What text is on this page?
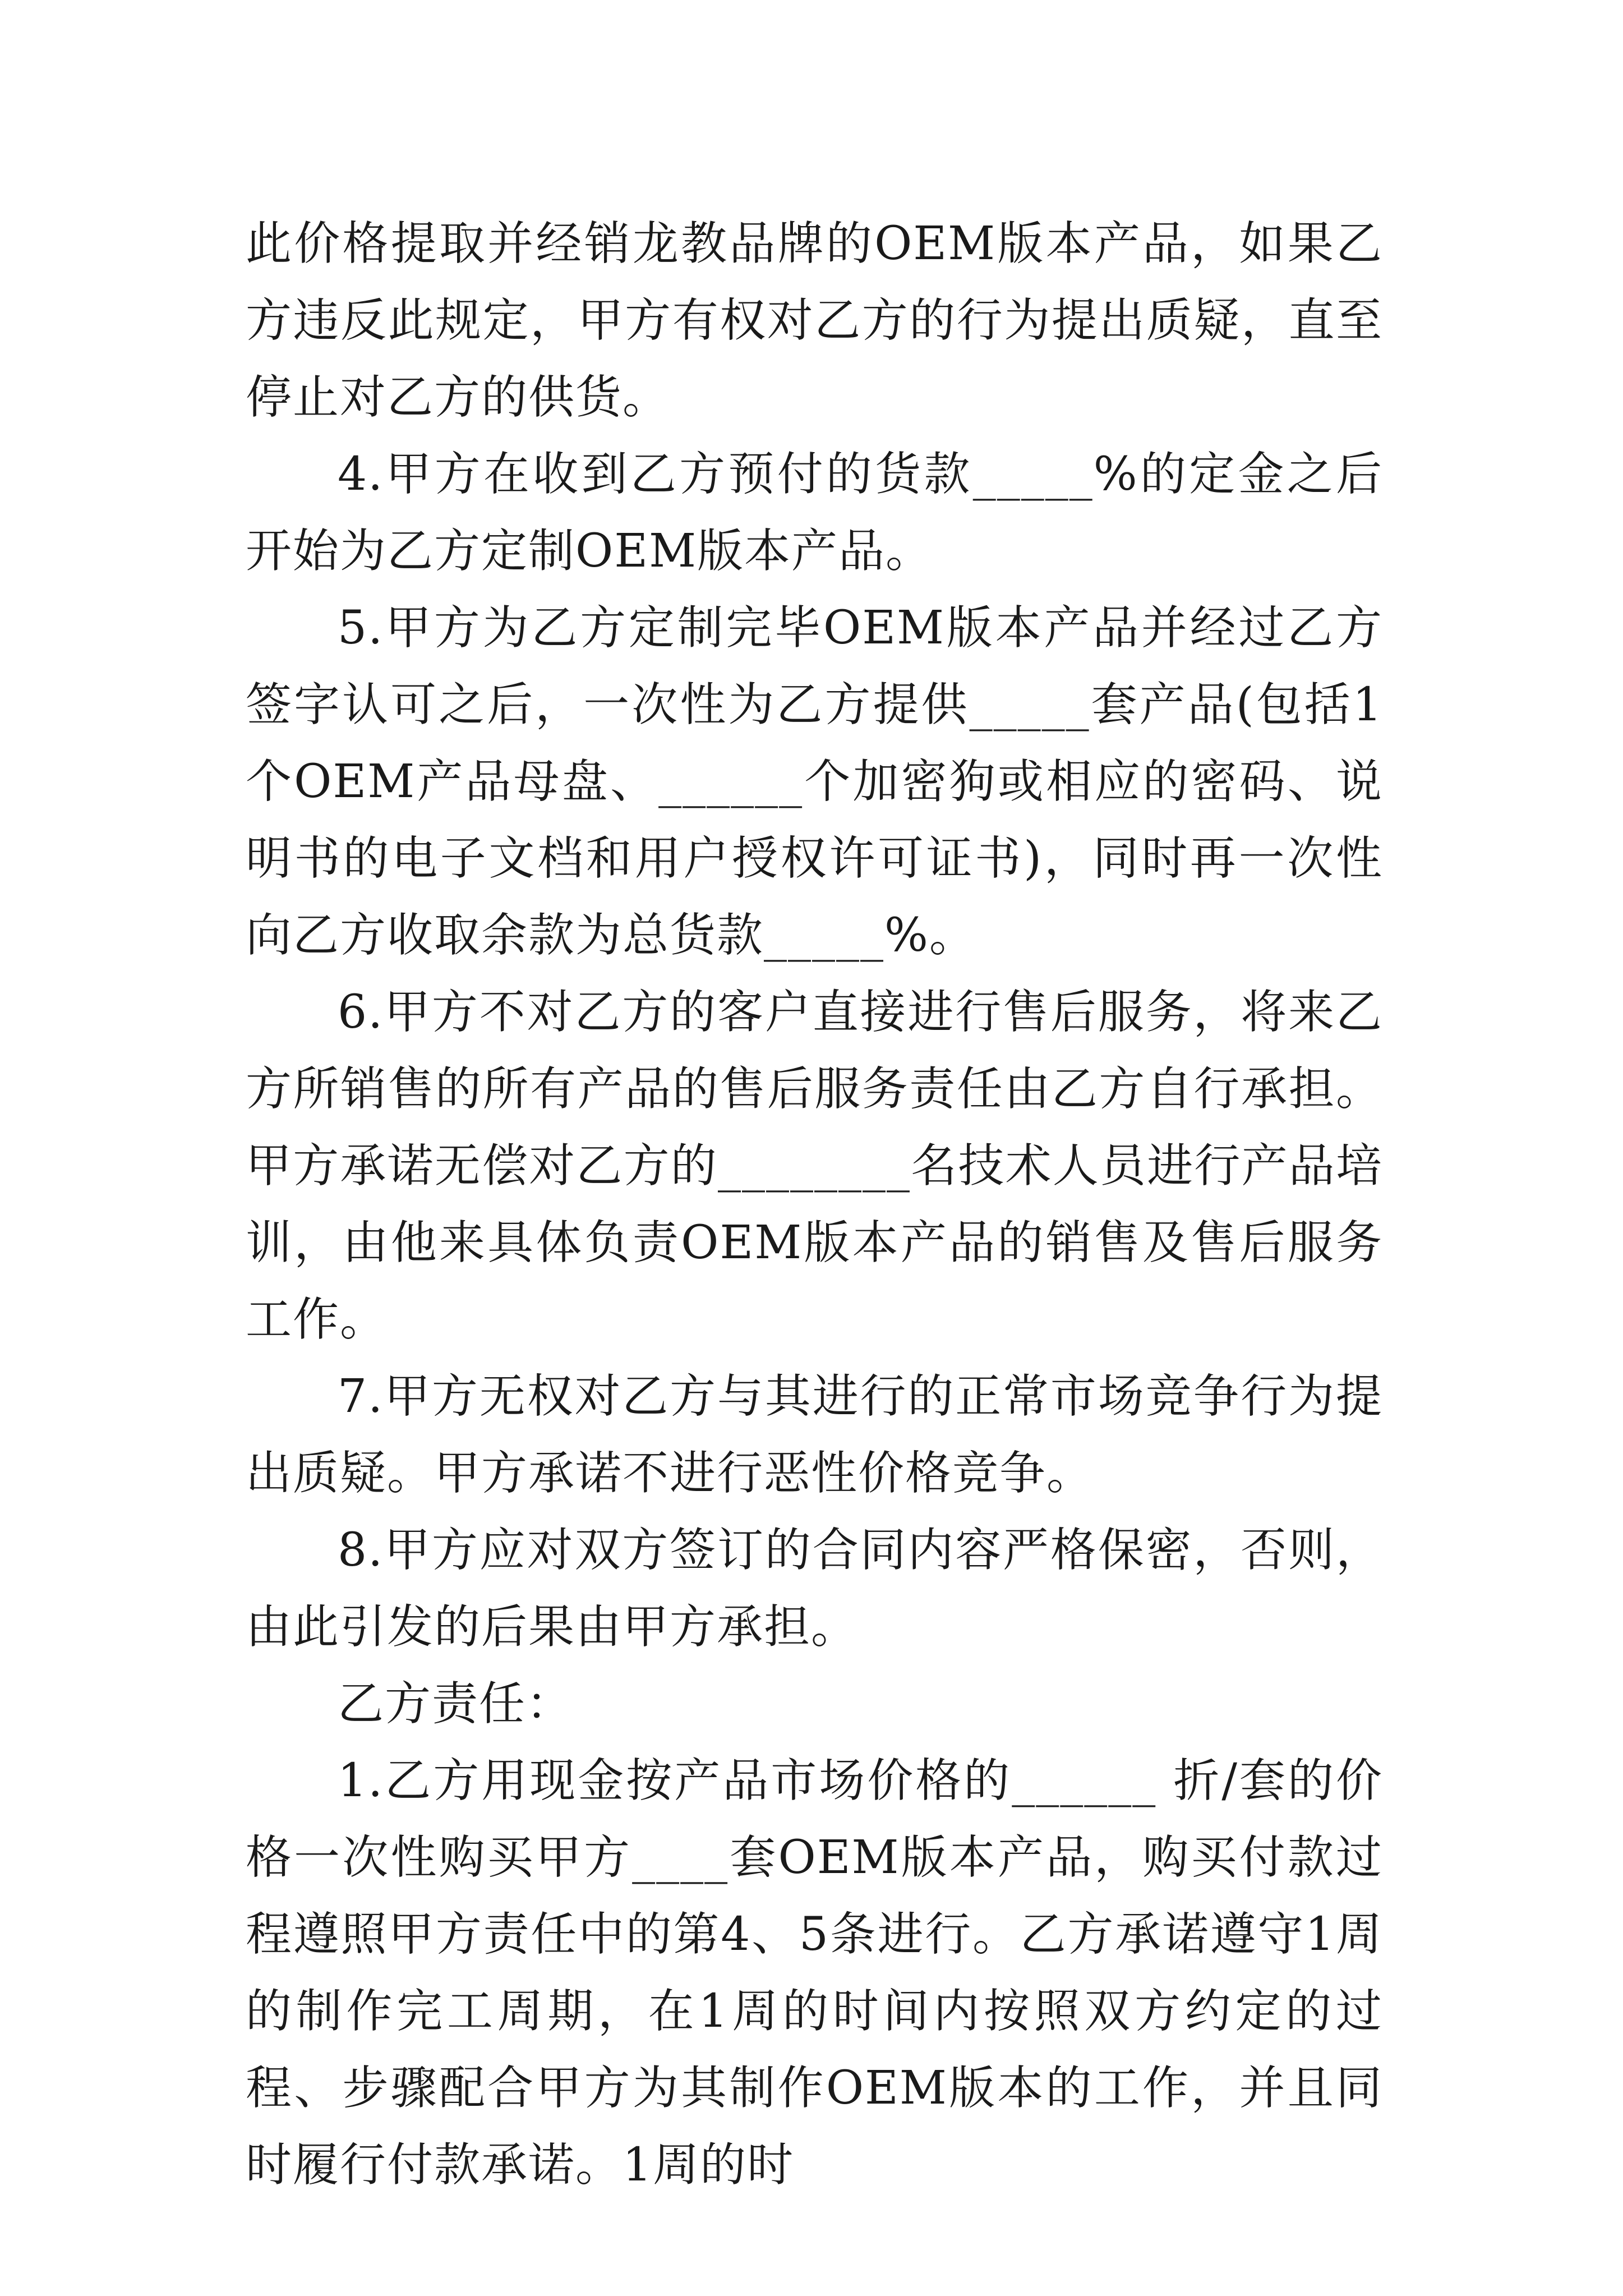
此价格提取并经销龙教品牌的OEM版本产品，如果乙方违反此规定，甲方有权对乙方的行为提出质疑，直至停止对乙方的供货。

4.甲方在收到乙方预付的货款_____%的定金之后开始为乙方定制OEM版本产品。

5.甲方为乙方定制完毕OEM版本产品并经过乙方签字认可之后，一次性为乙方提供_____套产品(包括1个OEM产品母盘、______个加密狗或相应的密码、说明书的电子文档和用户授权许可证书)，同时再一次性向乙方收取余款为总货款_____%。

6.甲方不对乙方的客户直接进行售后服务，将来乙方所销售的所有产品的售后服务责任由乙方自行承担。甲方承诺无偿对乙方的________名技术人员进行产品培训，由他来具体负责OEM版本产品的销售及售后服务工作。

7.甲方无权对乙方与其进行的正常市场竞争行为提出质疑。甲方承诺不进行恶性价格竞争。

8.甲方应对双方签订的合同内容严格保密，否则，由此引发的后果由甲方承担。

乙方责任：

1.乙方用现金按产品市场价格的______ 折/套的价格一次性购买甲方____套OEM版本产品，购买付款过程遵照甲方责任中的第4、5条进行。乙方承诺遵守1周的制作完工周期，在1周的时间内按照双方约定的过程、步骤配合甲方为其制作OEM版本的工作，并且同时履行付款承诺。1周的时
